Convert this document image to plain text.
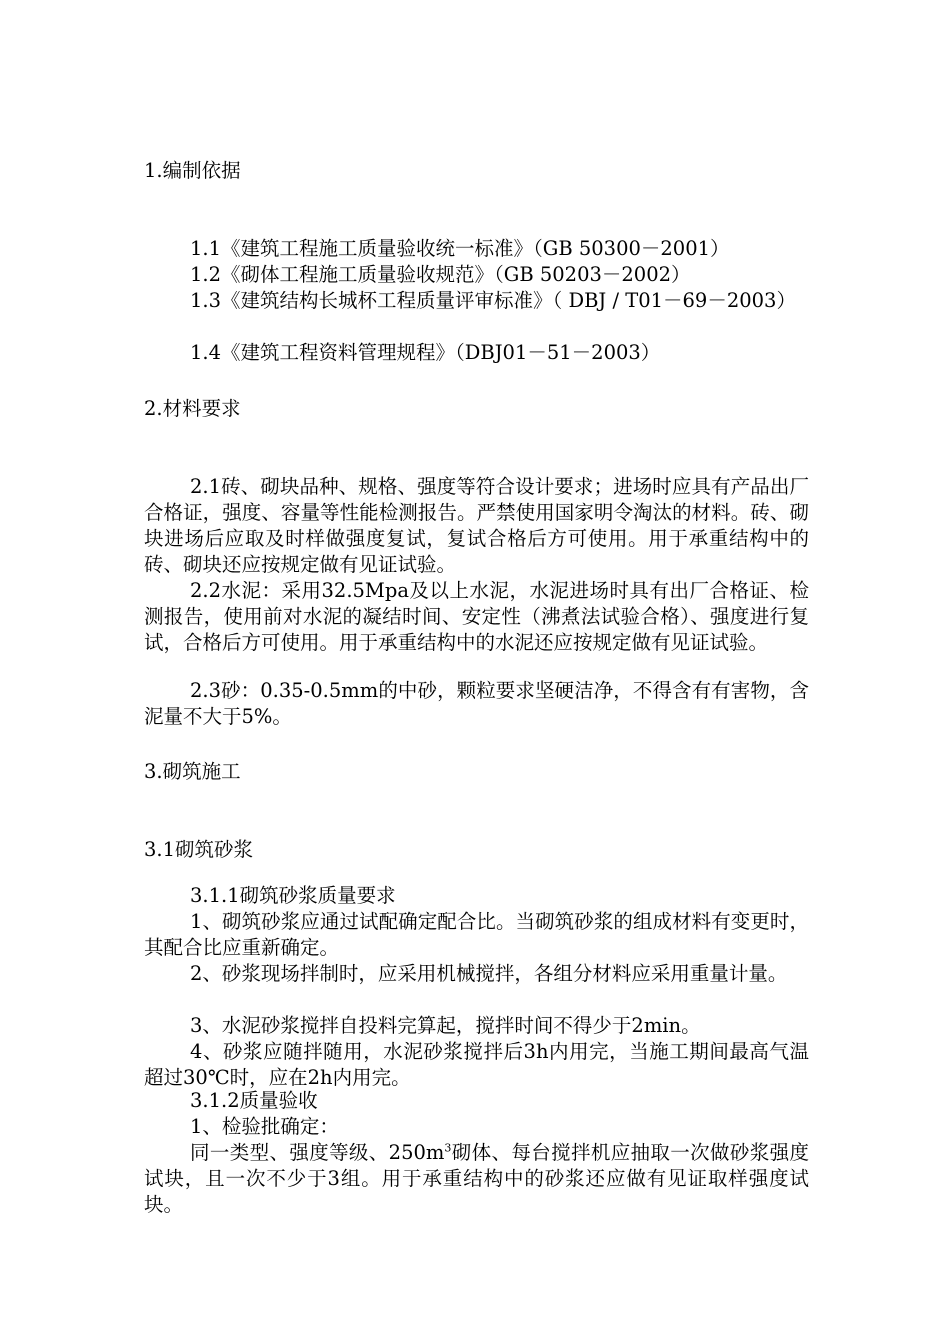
1.编制依据
1.1《建筑工程施工质量验收统一标准》（GB 50300－2001）
1.2《砌体工程施工质量验收规范》（GB 50203－2002）
1.3《建筑结构长城杯工程质量评审标准》（ DBJ / T01－69－2003）
1.4《建筑工程资料管理规程》（DBJ01－51－2003）
2.材料要求
2.1砖、砌块品种、规格、强度等符合设计要求；进场时应具有产品出厂合格证，强度、容量等性能检测报告。严禁使用国家明令淘汰的材料。砖、砌块进场后应取及时样做强度复试，复试合格后方可使用。用于承重结构中的砖、砌块还应按规定做有见证试验。
2.2水泥：采用32.5Mpa及以上水泥，水泥进场时具有出厂合格证、检测报告，使用前对水泥的凝结时间、安定性（沸煮法试验合格）、强度进行复试，合格后方可使用。用于承重结构中的水泥还应按规定做有见证试验。
2.3砂：0.35-0.5mm的中砂，颗粒要求坚硬洁净，不得含有有害物，含泥量不大于5%。
3.砌筑施工
3.1砌筑砂浆
3.1.1砌筑砂浆质量要求
1、砌筑砂浆应通过试配确定配合比。当砌筑砂浆的组成材料有变更时，其配合比应重新确定。
2、砂浆现场拌制时，应采用机械搅拌，各组分材料应采用重量计量。
3、水泥砂浆搅拌自投料完算起，搅拌时间不得少于2min。
4、砂浆应随拌随用，水泥砂浆搅拌后3h内用完，当施工期间最高气温超过30℃时，应在2h内用完。
3.1.2质量验收
1、检验批确定：
同一类型、强度等级、$250m^3$砌体、每台搅拌机应抽取一次做砂浆强度试块，且一次不少于3组。用于承重结构中的砂浆还应做有见证取样强度试块。
